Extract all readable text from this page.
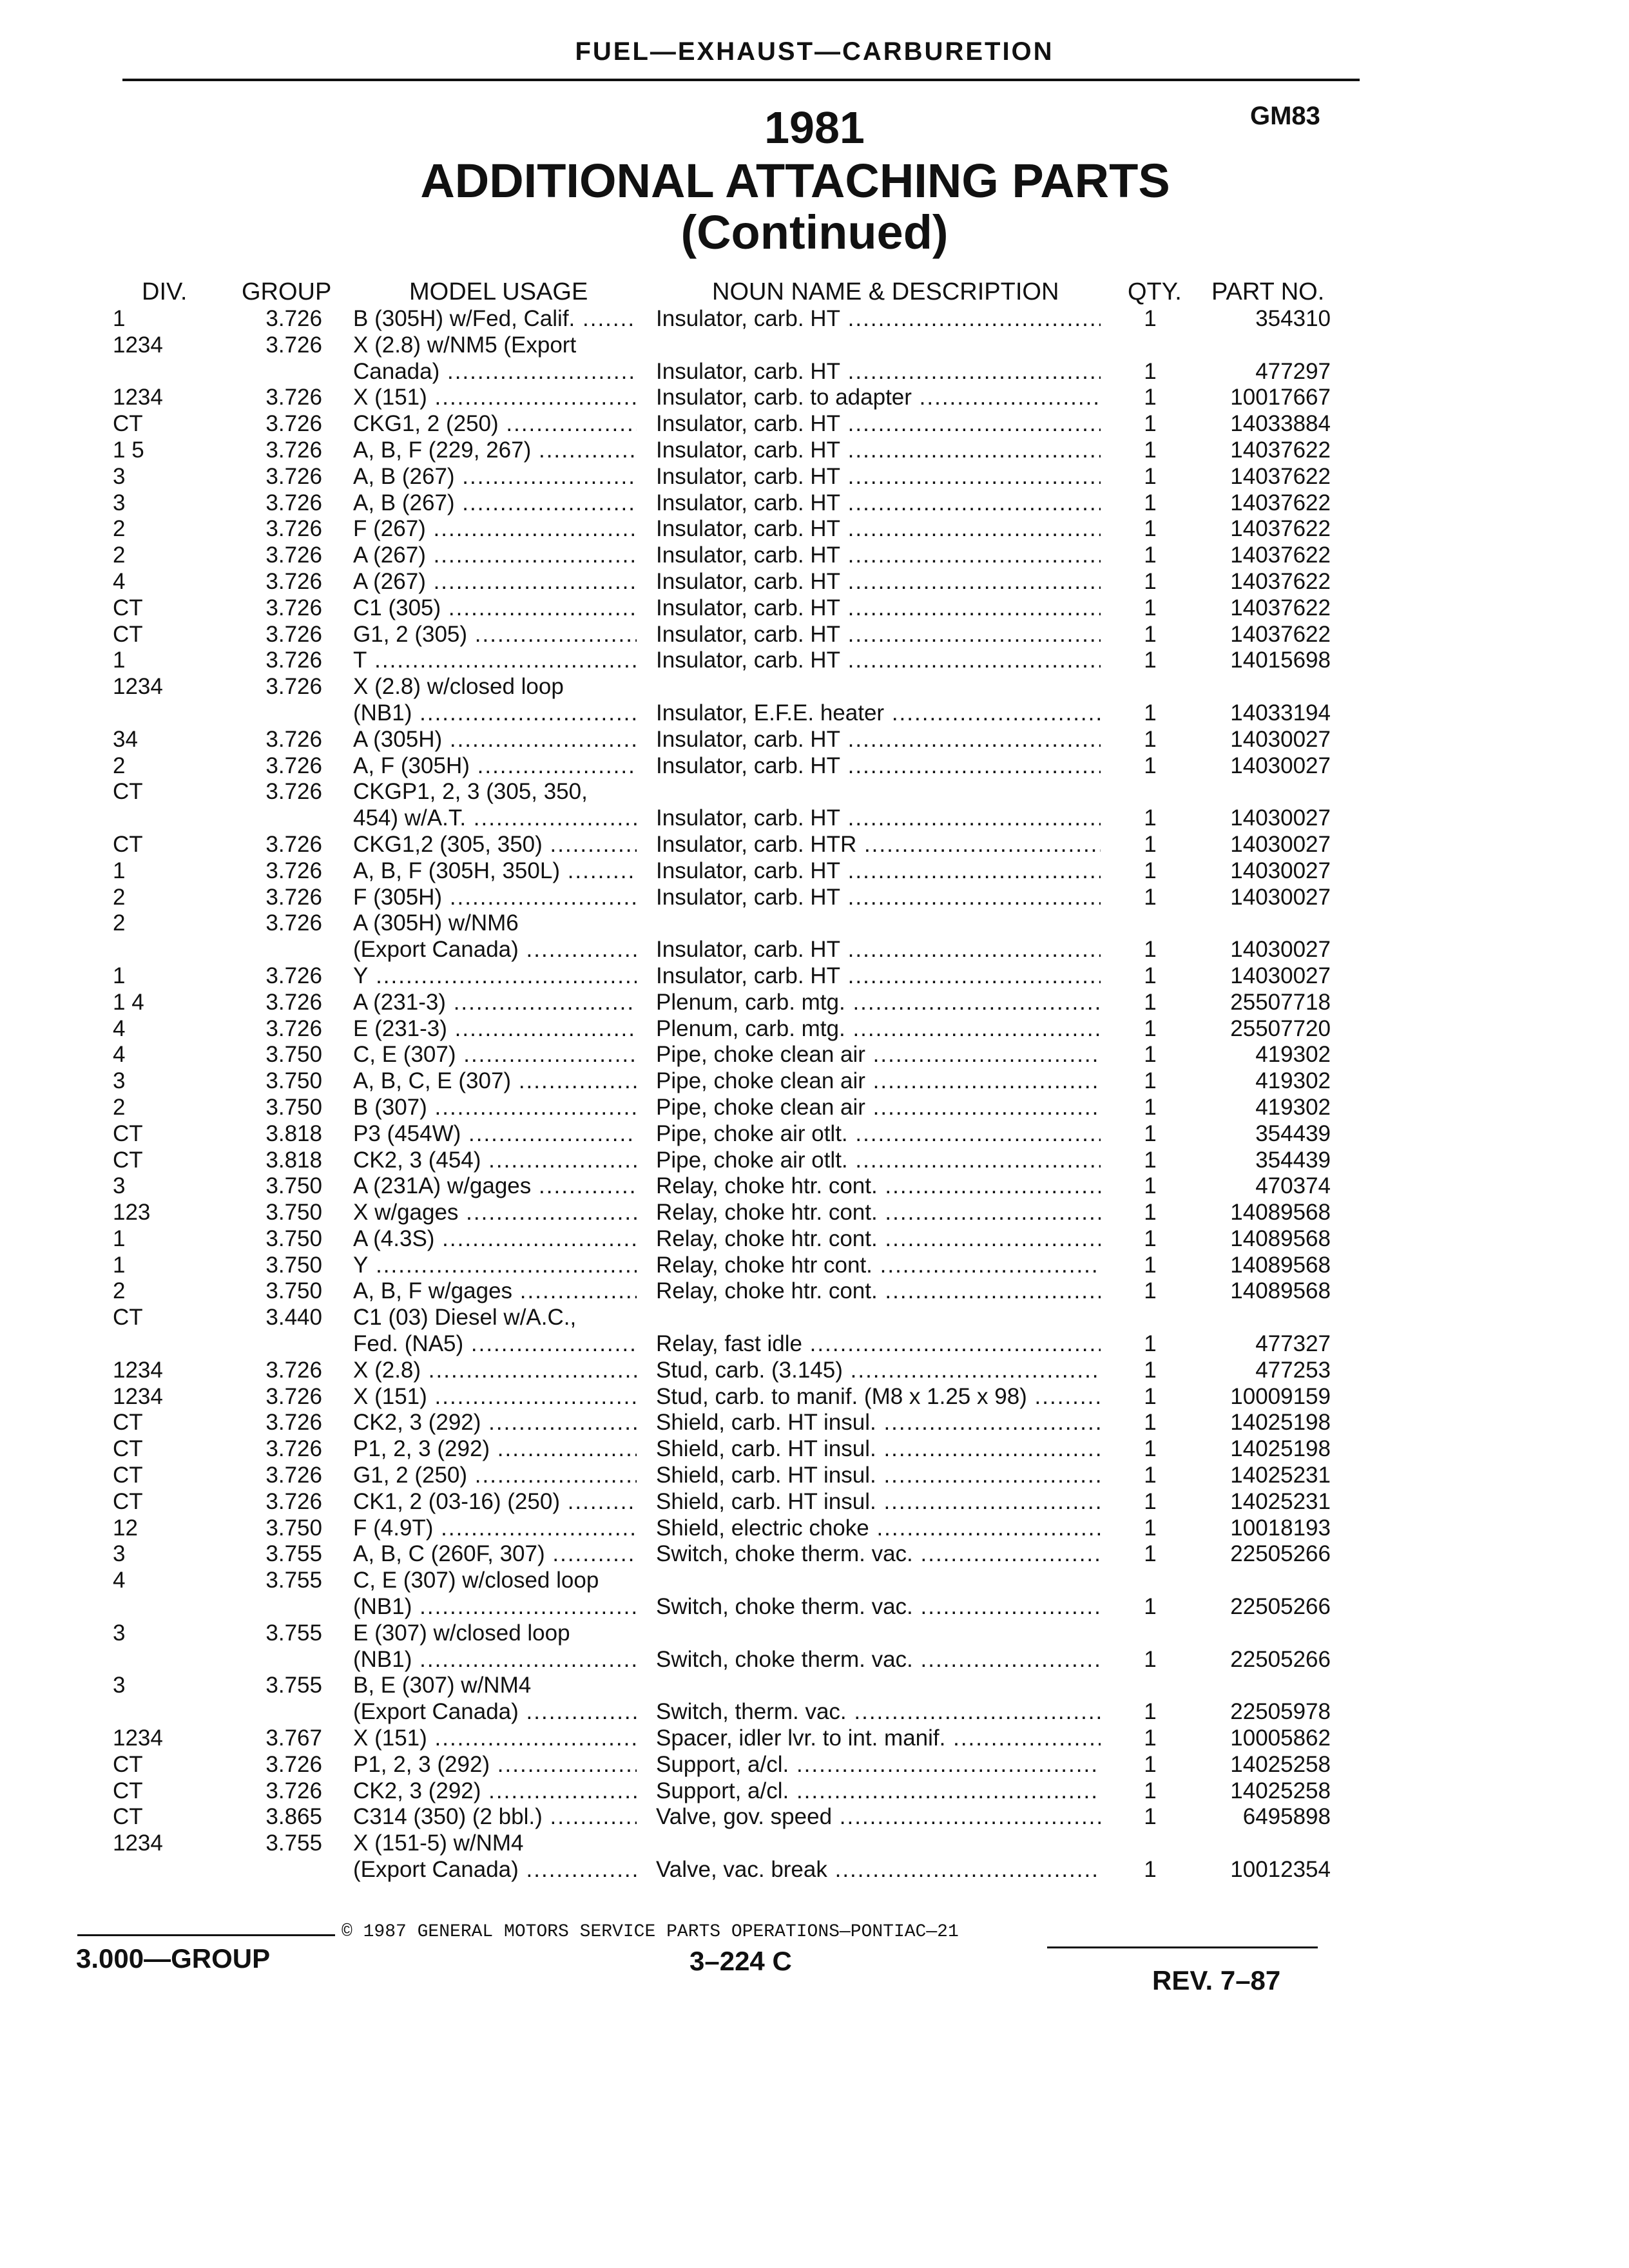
FUEL—EXHAUST—CARBURETION
1981	GM83
ADDITIONAL ATTACHING PARTS
(Continued)
DIV. GROUP	MODEL USAGE	NOUN NAME & DESCRIPTION	QTY. PART NO.
1	3.726 B (305H) w/Fed, Calif. .....	Insulator, carb. HT .....	1	354310
1234	3.726 X (2.8) w/NM5 (Export
Canada) .....	Insulator, carb. HT .....	1	477297
1234	3.726 X (151) .....	Insulator, carb. to adapter .....	1	10017667
CT	3.726 CKG1, 2 (250) .....	Insulator, carb. HT .....	1	14033884
1 5	3.726 A, B, F (229, 267) .....	Insulator, carb. HT .....	1	14037622
3	3.726 A, B (267) .....	Insulator, carb. HT .....	1	14037622
3	3.726 A, B (267) .....	Insulator, carb. HT .....	1	14037622
2	3.726 F (267) .....	Insulator, carb. HT .....	1	14037622
2	3.726 A (267) .....	Insulator, carb. HT .....	1	14037622
4	3.726 A (267) .....	Insulator, carb. HT .....	1	14037622
CT	3.726 C1 (305) .....	Insulator, carb. HT .....	1	14037622
CT	3.726 G1, 2 (305) .....	Insulator, carb. HT .....	1	14037622
1	3.726 T .....	Insulator, carb. HT .....	1	14015698
1234	3.726 X (2.8) w/closed loop
(NB1) .....	Insulator, E.F.E. heater .....	1	14033194
34	3.726 A (305H) .....	Insulator, carb. HT .....	1	14030027
2	3.726 A, F (305H) .....	Insulator, carb. HT .....	1	14030027
CT	3.726 CKGP1, 2, 3 (305, 350,
454) w/A.T. .....	Insulator, carb. HT .....	1	14030027
CT	3.726 CKG1,2 (305, 350) .....	Insulator, carb. HTR .....	1	14030027
1	3.726 A, B, F (305H, 350L) .....	Insulator, carb. HT .....	1	14030027
2	3.726 F (305H) .....	Insulator, carb. HT .....	1	14030027
2	3.726 A (305H) w/NM6
(Export Canada) .....	Insulator, carb. HT .....	1	14030027
1	3.726 Y .....	Insulator, carb. HT .....	1	14030027
1 4	3.726 A (231-3) .....	Plenum, carb. mtg. .....	1	25507718
4	3.726 E (231-3) .....	Plenum, carb. mtg. .....	1	25507720
4	3.750 C, E (307) .....	Pipe, choke clean air .....	1	419302
3	3.750 A, B, C, E (307) .....	Pipe, choke clean air .....	1	419302
2	3.750 B (307) .....	Pipe, choke clean air .....	1	419302
CT	3.818 P3 (454W) .....	Pipe, choke air otlt. .....	1	354439
CT	3.818 CK2, 3 (454) .....	Pipe, choke air otlt. .....	1	354439
3	3.750 A (231A) w/gages .....	Relay, choke htr. cont. .....	1	470374
123	3.750 X w/gages .....	Relay, choke htr. cont. .....	1	14089568
1	3.750 A (4.3S) .....	Relay, choke htr. cont. .....	1	14089568
1	3.750 Y .....	Relay, choke htr cont. .....	1	14089568
2	3.750 A, B, F w/gages .....	Relay, choke htr. cont. .....	1	14089568
CT	3.440 C1 (03) Diesel w/A.C.,
Fed. (NA5) .....	Relay, fast idle .....	1	477327
1234	3.726 X (2.8) .....	Stud, carb. (3.145) .....	1	477253
1234	3.726 X (151) .....	Stud, carb. to manif. (M8 x 1.25 x 98) .....	1	10009159
CT	3.726 CK2, 3 (292) .....	Shield, carb. HT insul. .....	1	14025198
CT	3.726 P1, 2, 3 (292) .....	Shield, carb. HT insul. .....	1	14025198
CT	3.726 G1, 2 (250) .....	Shield, carb. HT insul. .....	1	14025231
CT	3.726 CK1, 2 (03-16) (250) .....	Shield, carb. HT insul. .....	1	14025231
12	3.750 F (4.9T) .....	Shield, electric choke .....	1	10018193
3	3.755 A, B, C (260F, 307) .....	Switch, choke therm. vac. .....	1	22505266
4	3.755 C, E (307) w/closed loop
(NB1) .....	Switch, choke therm. vac. .....	1	22505266
3	3.755 E (307) w/closed loop
(NB1) .....	Switch, choke therm. vac. .....	1	22505266
3	3.755 B, E (307) w/NM4
(Export Canada) .....	Switch, therm. vac. .....	1	22505978
1234	3.767 X (151) .....	Spacer, idler lvr. to int. manif. .....	1	10005862
CT	3.726 P1, 2, 3 (292) .....	Support, a/cl. .....	1	14025258
CT	3.726 CK2, 3 (292) .....	Support, a/cl. .....	1	14025258
CT	3.865 C314 (350) (2 bbl.) .....	Valve, gov. speed .....	1	6495898
1234	3.755 X (151-5) w/NM4
(Export Canada) .....	Valve, vac. break .....	1	10012354
© 1987 GENERAL MOTORS SERVICE PARTS OPERATIONS—PONTIAC—21
3.000—GROUP	3–224 C
REV. 7–87
